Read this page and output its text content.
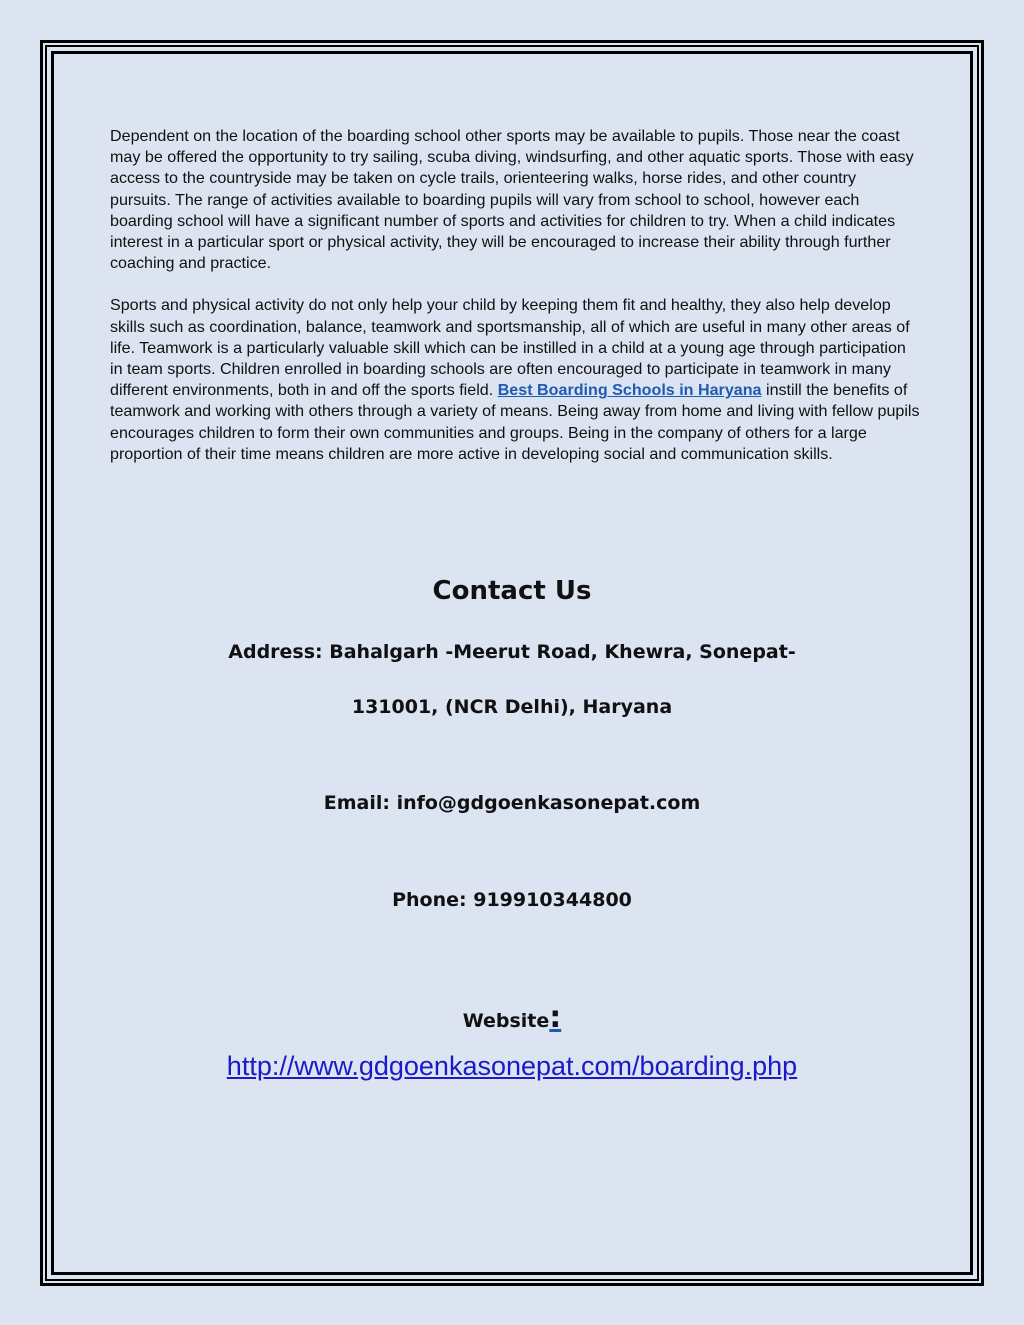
Dependent on the location of the boarding school other sports may be available to pupils. Those near the coast may be offered the opportunity to try sailing, scuba diving, windsurfing, and other aquatic sports. Those with easy access to the countryside may be taken on cycle trails, orienteering walks, horse rides, and other country pursuits. The range of activities available to boarding pupils will vary from school to school, however each boarding school will have a significant number of sports and activities for children to try. When a child indicates interest in a particular sport or physical activity, they will be encouraged to increase their ability through further coaching and practice.

Sports and physical activity do not only help your child by keeping them fit and healthy, they also help develop skills such as coordination, balance, teamwork and sportsmanship, all of which are useful in many other areas of life. Teamwork is a particularly valuable skill which can be instilled in a child at a young age through participation in team sports. Children enrolled in boarding schools are often encouraged to participate in teamwork in many different environments, both in and off the sports field. Best Boarding Schools in Haryana instill the benefits of teamwork and working with others through a variety of means. Being away from home and living with fellow pupils encourages children to form their own communities and groups. Being in the company of others for a large proportion of their time means children are more active in developing social and communication skills.

Contact Us
Address: Bahalgarh -Meerut Road, Khewra, Sonepat-
131001, (NCR Delhi), Haryana
Email: info@gdgoenkasonepat.com
Phone: 919910344800
Website:
http://www.gdgoenkasonepat.com/boarding.php
